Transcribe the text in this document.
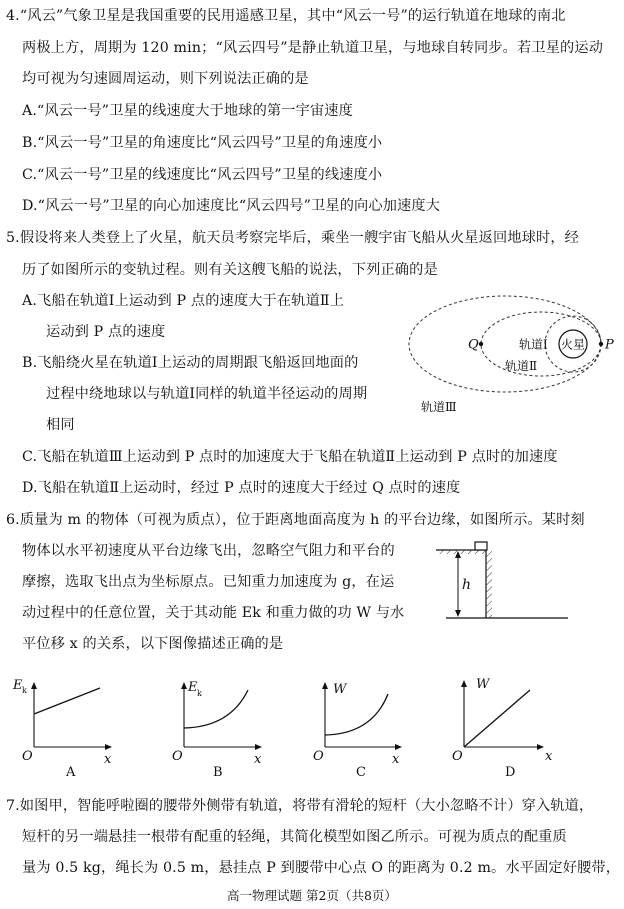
4.“风云”气象卫星是我国重要的民用遥感卫星，其中“风云一号”的运行轨道在地球的南北
两极上方，周期为 120 min；“风云四号”是静止轨道卫星，与地球自转同步。若卫星的运动
均可视为匀速圆周运动，则下列说法正确的是
A.“风云一号”卫星的线速度大于地球的第一宇宙速度
B.“风云一号”卫星的角速度比“风云四号”卫星的角速度小
C.“风云一号”卫星的线速度比“风云四号”卫星的线速度小
D.“风云一号”卫星的向心加速度比“风云四号”卫星的向心加速度大
5.假设将来人类登上了火星，航天员考察完毕后，乘坐一艘宇宙飞船从火星返回地球时，经
历了如图所示的变轨过程。则有关这艘飞船的说法，下列正确的是
A.飞船在轨道Ⅰ上运动到 P 点的速度大于在轨道Ⅱ上
运动到 P 点的速度
B.飞船绕火星在轨道Ⅰ上运动的周期跟飞船返回地面的
过程中绕地球以与轨道Ⅰ同样的轨道半径运动的周期
相同
C.飞船在轨道Ⅲ上运动到 P 点时的加速度大于飞船在轨道Ⅱ上运动到 P 点时的加速度
D.飞船在轨道Ⅱ上运动时，经过 P 点时的速度大于经过 Q 点时的速度
火星
Q	P
轨道Ⅰ
轨道Ⅱ
轨道Ⅲ
6.质量为 m 的物体（可视为质点），位于距离地面高度为 h 的平台边缘，如图所示。某时刻
物体以水平初速度从平台边缘飞出，忽略空气阻力和平台的
摩擦，选取飞出点为坐标原点。已知重力加速度为 g，在运
动过程中的任意位置，关于其动能 Ek 和重力做的功 W 与水
平位移 x 的关系，以下图像描述正确的是
h
E k
O	x
A
E k
O	x
B
W
O	x
C
W
O	x
D
7.如图甲，智能呼啦圈的腰带外侧带有轨道，将带有滑轮的短杆（大小忽略不计）穿入轨道，
短杆的另一端悬挂一根带有配重的轻绳，其简化模型如图乙所示。可视为质点的配重质
量为 0.5 kg，绳长为 0.5 m，悬挂点 P 到腰带中心点 O 的距离为 0.2 m。水平固定好腰带，
高一物理试题 第2页（共8页）
